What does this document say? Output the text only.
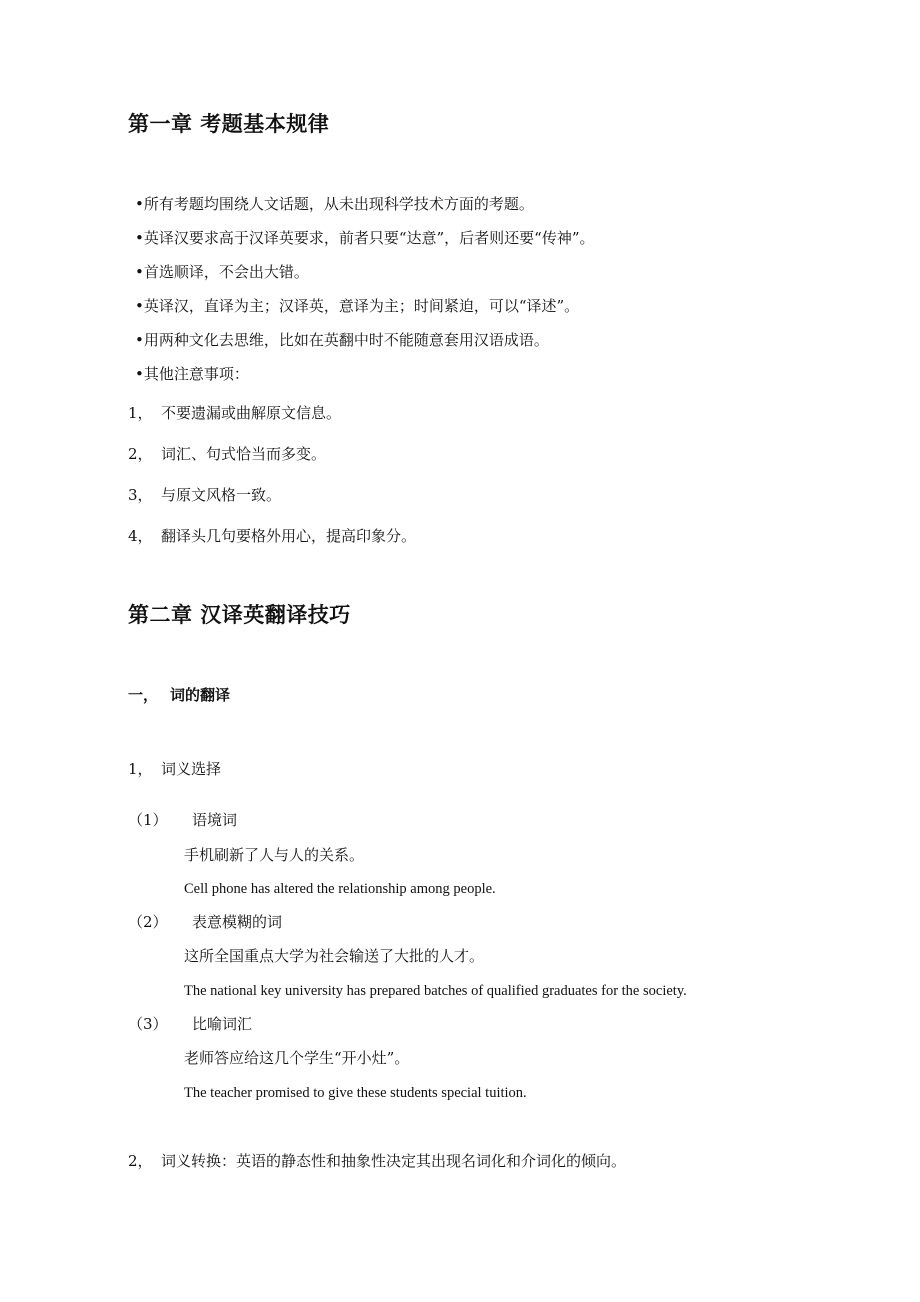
第一章 考题基本规律
•所有考题均围绕人文话题，从未出现科学技术方面的考题。
•英译汉要求高于汉译英要求，前者只要“达意”，后者则还要“传神”。
•首选顺译，不会出大错。
•英译汉，直译为主；汉译英，意译为主；时间紧迫，可以“译述”。
•用两种文化去思维，比如在英翻中时不能随意套用汉语成语。
•其他注意事项：
1， 不要遗漏或曲解原文信息。
2， 词汇、句式恰当而多变。
3， 与原文风格一致。
4， 翻译头几句要格外用心，提高印象分。
第二章 汉译英翻译技巧
一， 词的翻译
1， 词义选择
（1） 语境词
手机刷新了人与人的关系。
Cell phone has altered the relationship among people.
（2） 表意模糊的词
这所全国重点大学为社会输送了大批的人才。
The national key university has prepared batches of qualified graduates for the society.
（3） 比喻词汇
老师答应给这几个学生“开小灶”。
The teacher promised to give these students special tuition.
2， 词义转换：英语的静态性和抽象性决定其出现名词化和介词化的倾向。
